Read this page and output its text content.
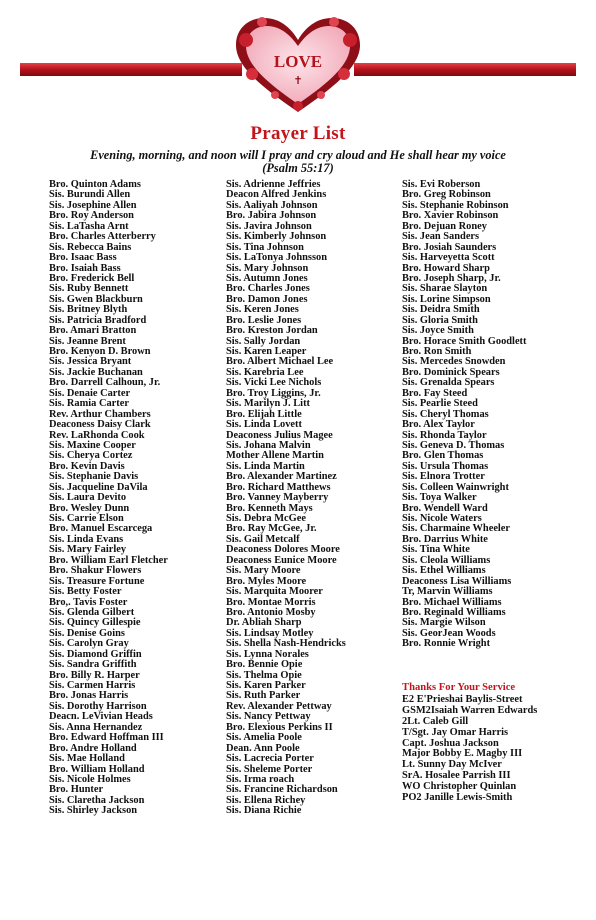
LOVE
✝
Prayer List
Evening, morning, and noon will I pray and cry aloud and He shall hear my voice
(Psalm 55:17)
Bro. Quinton Adams
Sis. Burundi Allen
Sis. Josephine Allen
Bro. Roy Anderson
Sis. LaTasha Arnt
Bro. Charles Atterberry
Sis. Rebecca Bains
Bro. Isaac Bass
Bro. Isaiah Bass
Bro. Frederick Bell
Sis. Ruby Bennett
Sis. Gwen Blackburn
Sis. Britney Blyth
Sis. Patricia Bradford
Bro. Amari Bratton
Sis. Jeanne Brent
Bro. Kenyon D. Brown
Sis. Jessica Bryant
Sis. Jackie Buchanan
Bro. Darrell Calhoun, Jr.
Sis. Denaie Carter
Sis. Ramia Carter
Rev. Arthur Chambers
Deaconess Daisy Clark
Rev. LaRhonda Cook
Sis. Maxine Cooper
Sis. Cherya Cortez
Bro. Kevin Davis
Sis. Stephanie Davis
Sis. Jacqueline DaVila
Sis. Laura Devito
Bro. Wesley Dunn
Sis. Carrie Elson
Bro. Manuel Escarcega
Sis. Linda Evans
Sis. Mary Fairley
Bro. William Earl Fletcher
Bro. Shakur Flowers
Sis. Treasure Fortune
Sis. Betty Foster
Bro,. Tavis Foster
Sis. Glenda Gilbert
Sis. Quincy Gillespie
Sis. Denise Goins
Sis. Carolyn Gray
Sis. Diamond Griffin
Sis. Sandra Griffith
Bro. Billy R. Harper
Sis. Carmen Harris
Bro. Jonas Harris
Sis. Dorothy Harrison
Deacn. LeVivian Heads
Sis. Anna Hernandez
Bro. Edward Hoffman III
Bro. Andre Holland
Sis. Mae Holland
Bro. William Holland
Sis. Nicole Holmes
Bro. Hunter
Sis. Claretha Jackson
Sis. Shirley Jackson
Sis. Adrienne Jeffries
Deacon Alfred Jenkins
Sis. Aaliyah Johnson
Bro. Jabira Johnson
Sis. Javira Johnson
Sis. Kimberly Johnson
Sis. Tina Johnson
Sis. LaTonya Johnsson
Sis. Mary Johnson
Sis. Autumn Jones
Bro. Charles Jones
Bro. Damon Jones
Sis. Keren Jones
Bro. Leslie Jones
Bro. Kreston Jordan
Sis. Sally Jordan
Sis. Karen Leaper
Bro. Albert Michael Lee
Sis. Karebria Lee
Sis. Vicki Lee Nichols
Bro. Troy Liggins, Jr.
Sis. Marilyn J. Litt
Bro. Elijah Little
Sis. Linda Lovett
Deaconess Julius Magee
Sis. Johana Malvin
Mother Allene Martin
Sis. Linda Martin
Bro. Alexander Martinez
Bro. Richard Matthews
Bro. Vanney Mayberry
Bro. Kenneth Mays
Sis. Debra McGee
Bro. Ray McGee, Jr.
Sis. Gail Metcalf
Deaconess Dolores Moore
Deaconess Eunice Moore
Sis. Mary Moore
Bro. Myles Moore
Sis. Marquita Moorer
Bro. Montae Morris
Bro. Antonio Mosby
Dr. Abliah Sharp
Sis. Lindsay Motley
Sis. Shella Nash-Hendricks
Sis. Lynna Norales
Bro. Bennie Opie
Sis. Thelma Opie
Sis. Karen Parker
Sis. Ruth Parker
Rev. Alexander Pettway
Sis. Nancy Pettway
Bro. Elexious Perkins II
Sis. Amelia Poole
Dean. Ann Poole
Sis. Lacrecia Porter
Sis. Sheleme Porter
Sis. Irma roach
Sis. Francine Richardson
Sis. Ellena Richey
Sis. Diana Richie
Sis. Evi Roberson
Bro. Greg Robinson
Sis. Stephanie Robinson
Bro. Xavier Robinson
Bro. Dejuan Roney
Sis. Jean Sanders
Bro. Josiah Saunders
Sis. Harveyetta Scott
Bro. Howard Sharp
Bro. Joseph Sharp, Jr.
Sis. Sharae Slayton
Sis. Lorine Simpson
Sis. Deidra Smith
Sis. Gloria Smith
Sis. Joyce Smith
Bro. Horace Smith Goodlett
Bro. Ron Smith
Sis. Mercedes Snowden
Bro. Dominick Spears
Sis. Grenalda Spears
Bro. Fay Steed
Sis. Pearlie Steed
Sis. Cheryl Thomas
Bro. Alex Taylor
Sis. Rhonda Taylor
Sis. Geneva D. Thomas
Bro. Glen Thomas
Sis. Ursula Thomas
Sis. Elnora Trotter
Sis. Colleen Wainwright
Sis. Toya Walker
Bro. Wendell Ward
Sis. Nicole Waters
Sis. Charmaine Wheeler
Bro. Darrius White
Sis. Tina White
Sis. Cleola Williams
Sis. Ethel Williams
Deaconess Lisa Williams
Tr, Marvin Williams
Bro. Michael Williams
Bro. Reginald Williams
Sis. Margie Wilson
Sis. GeorJean Woods
Bro. Ronnie Wright
Thanks For Your Service
E2 E'Prieshai Baylis-Street
GSM2Isaiah Warren Edwards
2Lt. Caleb Gill
T/Sgt. Jay Omar Harris
Capt. Joshua Jackson
Major Bobby E. Magby III
Lt. Sunny Day McIver
SrA. Hosalee Parrish III
WO Christopher Quinlan
PO2 Janille Lewis-Smith
